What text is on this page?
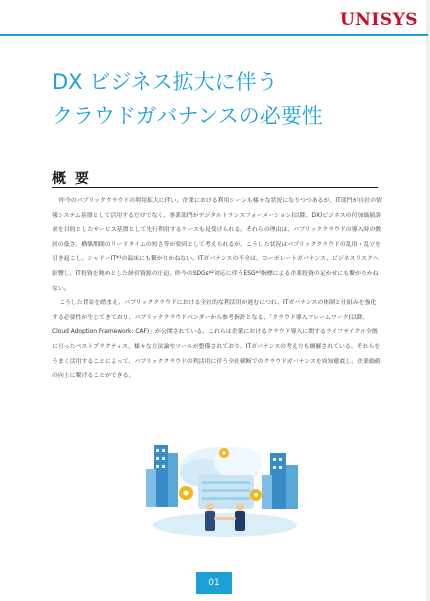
UNISYS
DX ビジネス拡大に伴う
クラウドガバナンスの必要性
概 要

昨今のパブリッククラウドの利用拡大に伴い、企業における利用シーンも様々な状況になりつつあるが、IT部門が自社の情報システム基盤として活用するだけでなく、事業部門がデジタルトランスフォーメーション(以降、DX)ビジネスの付加価値訴求を目的としたサービス基盤として先行利用するケースも見受けられる。それらの理由は、パブリッククラウドの導入時の敷居の低さ、構築期間のリードタイムの短さ等が要因として考えられるが、こうした状況はパブリッククラウドの乱用・乱立を引き起こし、シャドーIT*¹の温床にも繋がりかねない。ITガバナンスの不全は、コーポレートガバナンス、ビジネスリスクへ影響し、IT投資を鈍めとした経営資源の圧迫、昨今のSDGs*²対応に伴うESG*³指標による企業投資の足かせにも繋がりかねない。

こうした背景を踏まえ、パブリッククラウドにおける全社的な利活用が進むにつれ、ITガバナンスの体制と仕組みを強化する必要性が生じてきており、パブリッククラウドベンダーから参考指針となる、「クラウド導入フレームワーク(以降、Cloud Adoption Framework: CAF)」が公開されている。これらは企業におけるクラウド導入に関するライフサイクル全般に亘ったベストプラクティス、様々な方法論やツールが整備されており、ITガバナンスの考え方も網羅されている。それらをうまく活用することによって、パブリッククラウドの利活用に伴う全社横断でのクラウドガバナンスを周知徹底し、企業価値の向上に繋げることができる。

01
